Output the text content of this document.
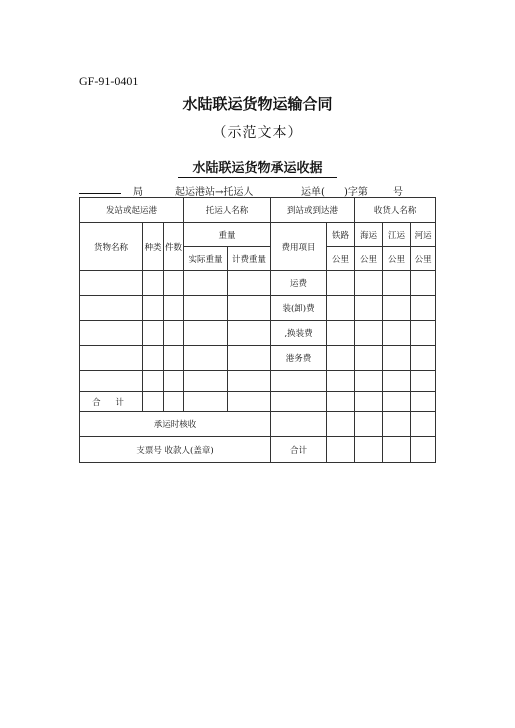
GF-91-0401
水陆联运货物运输合同
（示范文本）
水陆联运货物承运收据
局	起运港站→托运人	运单( )字第	号
发站或起运港			托运人名称		到站或到达港		收货人名称		
货物名称	种类	件数	重量		费用项目	铁路	海运	江运	河运
			实际重量	计费重量		公里	公里	公里	公里
					运费				
					装(卸)费				
					,换装费				
					港务费				

合 计									
承运时核收									
支票号 收款人(盖章)					合计				
